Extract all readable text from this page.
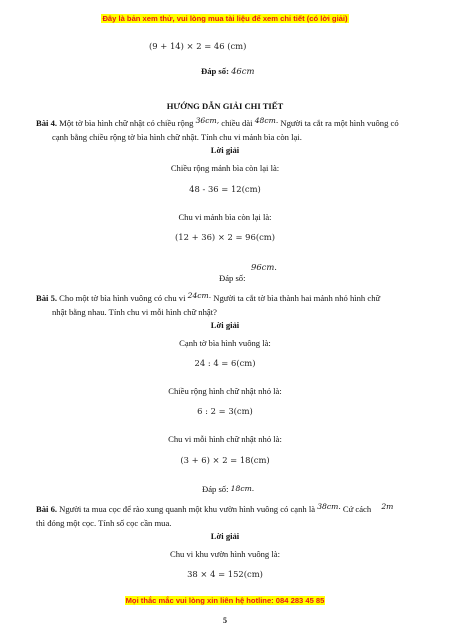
Đây là bản xem thử, vui lòng mua tài liệu để xem chi tiết (có lời giải)
(9 + 14) × 2 = 46 (cm)
Đáp số: 46cm
HƯỚNG DẪN GIẢI CHI TIẾT
Bài 4. Một tờ bìa hình chữ nhật có chiều rộng 36cm, chiều dài 48cm. Người ta cắt ra một hình vuông có
cạnh bằng chiều rộng tờ bìa hình chữ nhật. Tính chu vi mảnh bìa còn lại.
Lời giải
Chiều rộng mảnh bìa còn lại là:
48 - 36 = 12(cm)
Chu vi mảnh bìa còn lại là:
(12 + 36) × 2 = 96(cm)
96cm.
Đáp số:
Bài 5. Cho một tờ bìa hình vuông có chu vi 24cm. Người ta cắt tờ bìa thành hai mảnh nhỏ hình chữ
nhật bằng nhau. Tính chu vi mỗi hình chữ nhật?
Lời giải
Cạnh tờ bìa hình vuông là:
24 : 4 = 6(cm)
Chiều rộng hình chữ nhật nhỏ là:
6 : 2 = 3(cm)
Chu vi mỗi hình chữ nhật nhỏ là:
(3 + 6) × 2 = 18(cm)
Đáp số: 18cm.
Bài 6. Người ta mua cọc để rào xung quanh một khu vườn hình vuông có cạnh là 38cm. Cứ cách 2m
thì đóng một cọc. Tính số cọc cần mua.
Lời giải
Chu vi khu vườn hình vuông là:
38 × 4 = 152(cm)
Mọi thắc mắc vui lòng xin liên hệ hotline: 084 283 45 85
5
